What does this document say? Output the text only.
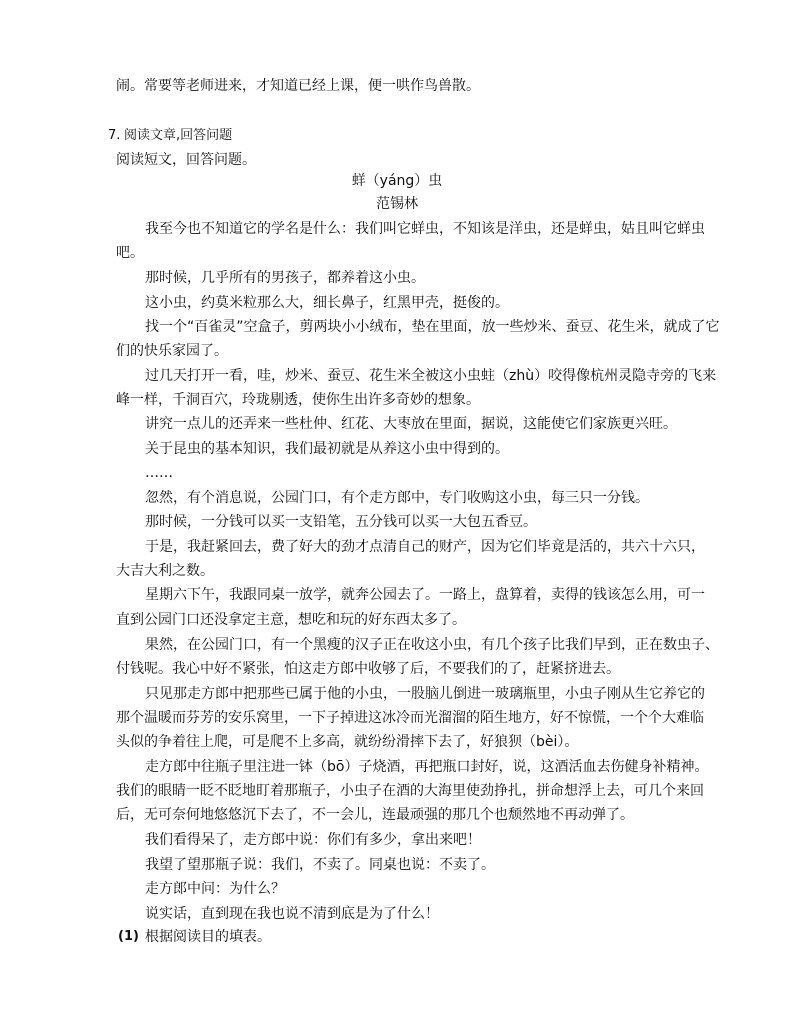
闹。常要等老师进来，才知道已经上课，便一哄作鸟兽散。
7. 阅读文章,回答问题
阅读短文，回答问题。
蛘（yáng）虫
范锡林
我至今也不知道它的学名是什么：我们叫它蛘虫，不知该是洋虫，还是蛘虫，姑且叫它蛘虫
吧。
那时候，几乎所有的男孩子，都养着这小虫。
这小虫，约莫米粒那么大，细长鼻子，红黑甲壳，挺俊的。
找一个“百雀灵”空盒子，剪两块小小绒布，垫在里面，放一些炒米、蚕豆、花生米，就成了它
们的快乐家园了。
过几天打开一看，哇，炒米、蚕豆、花生米全被这小虫蛀（zhù）咬得像杭州灵隐寺旁的飞来
峰一样，千洞百穴，玲珑剔透，使你生出许多奇妙的想象。
讲究一点儿的还弄来一些杜仲、红花、大枣放在里面，据说，这能使它们家族更兴旺。
关于昆虫的基本知识，我们最初就是从养这小虫中得到的。
……
忽然，有个消息说，公园门口，有个走方郎中，专门收购这小虫，每三只一分钱。
那时候，一分钱可以买一支铅笔，五分钱可以买一大包五香豆。
于是，我赶紧回去，费了好大的劲才点清自己的财产，因为它们毕竟是活的，共六十六只，
大吉大利之数。
星期六下午，我跟同桌一放学，就奔公园去了。一路上，盘算着，卖得的钱该怎么用，可一
直到公园门口还没拿定主意，想吃和玩的好东西太多了。
果然，在公园门口，有一个黑瘦的汉子正在收这小虫，有几个孩子比我们早到，正在数虫子、
付钱呢。我心中好不紧张，怕这走方郎中收够了后，不要我们的了，赶紧挤进去。
只见那走方郎中把那些已属于他的小虫，一股脑儿倒进一玻璃瓶里，小虫子刚从生它养它的
那个温暖而芬芳的安乐窝里，一下子掉进这冰冷而光溜溜的陌生地方，好不惊慌，一个个大难临
头似的争着往上爬，可是爬不上多高，就纷纷滑摔下去了，好狼狈（bèi）。
走方郎中往瓶子里注进一钵（bō）子烧酒，再把瓶口封好，说，这酒活血去伤健身补精神。
我们的眼睛一眨不眨地盯着那瓶子，小虫子在酒的大海里使劲挣扎，拼命想浮上去，可几个来回
后，无可奈何地悠悠沉下去了，不一会儿，连最顽强的那几个也颓然地不再动弹了。
我们看得呆了，走方郎中说：你们有多少，拿出来吧！
我望了望那瓶子说：我们，不卖了。同桌也说：不卖了。
走方郎中问：为什么？
说实话，直到现在我也说不清到底是为了什么！
(1) 根据阅读目的填表。
